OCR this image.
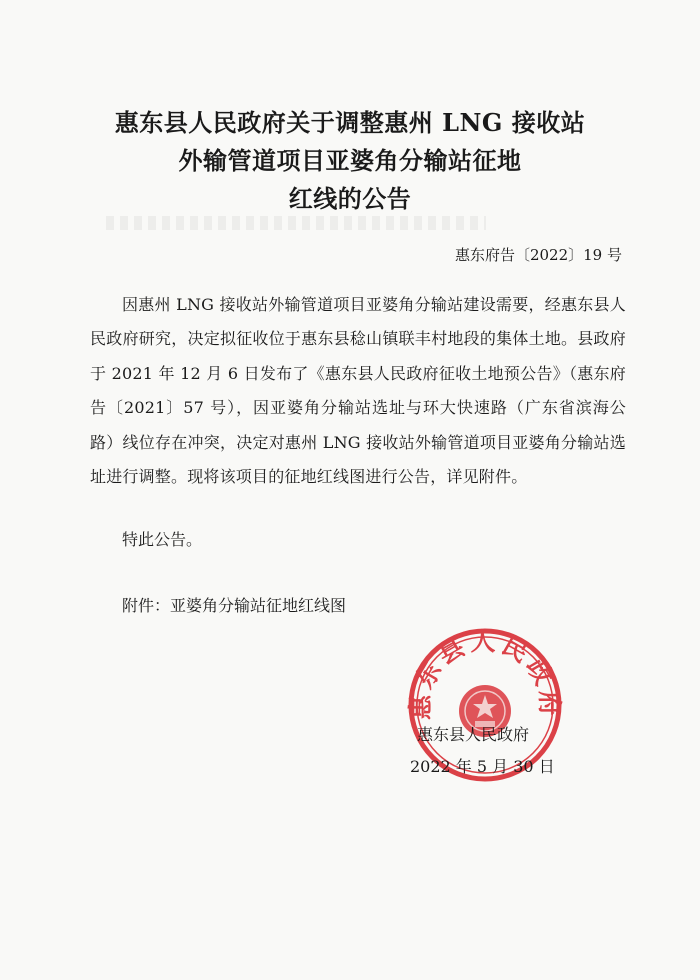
惠东县人民政府关于调整惠州 LNG 接收站
外输管道项目亚婆角分输站征地
红线的公告
惠东府告〔2022〕19 号
因惠州 LNG 接收站外输管道项目亚婆角分输站建设需要，经惠东县人民政府研究，决定拟征收位于惠东县稔山镇联丰村地段的集体土地。县政府于 2021 年 12 月 6 日发布了《惠东县人民政府征收土地预公告》（惠东府告〔2021〕57 号），因亚婆角分输站选址与环大快速路（广东省滨海公路）线位存在冲突，决定对惠州 LNG 接收站外输管道项目亚婆角分输站选址进行调整。现将该项目的征地红线图进行公告，详见附件。
特此公告。
附件：亚婆角分输站征地红线图
惠东县人民政府
惠东县人民政府
2022 年 5 月 30 日
